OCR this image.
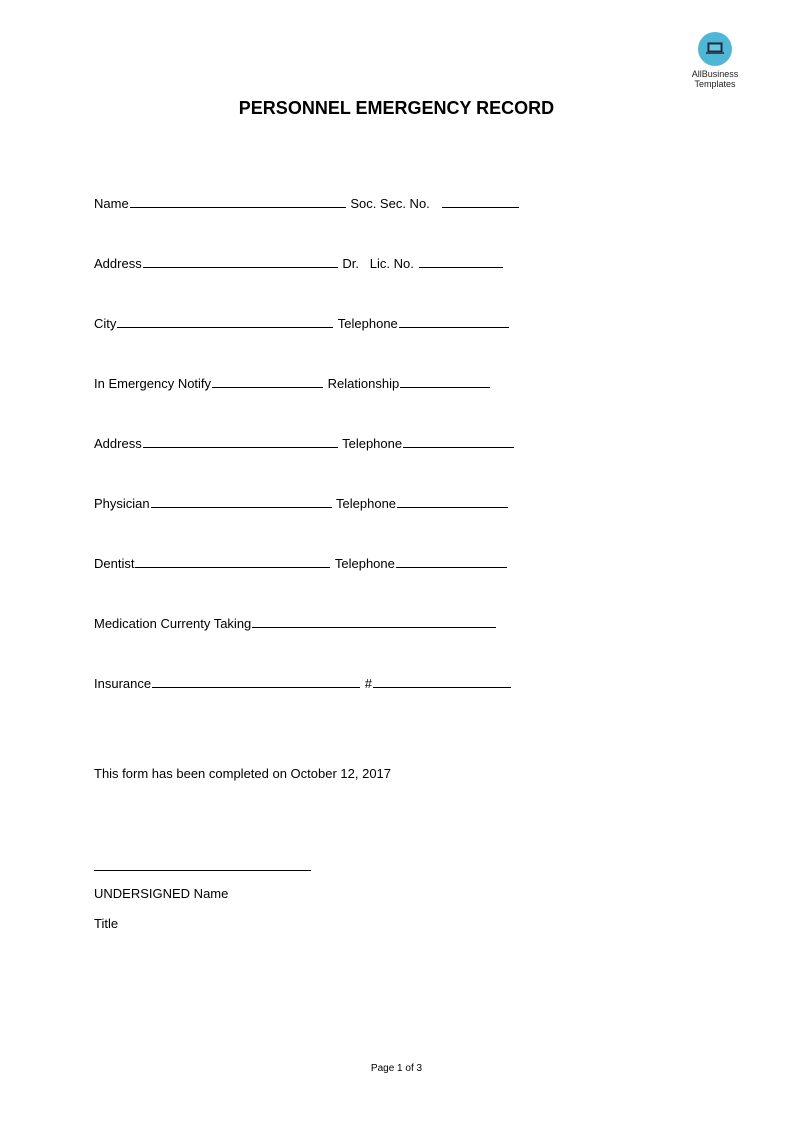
AllBusiness
Templates
PERSONNEL EMERGENCY RECORD
Name	Soc. Sec. No.
Address	Dr. Lic. No.
City	Telephone
In Emergency Notify	Relationship
Address	Telephone
Physician	Telephone
Dentist	Telephone
Medication Currenty Taking
Insurance	#
This form has been completed on October 12, 2017
UNDERSIGNED Name
Title
Page 1 of 3
